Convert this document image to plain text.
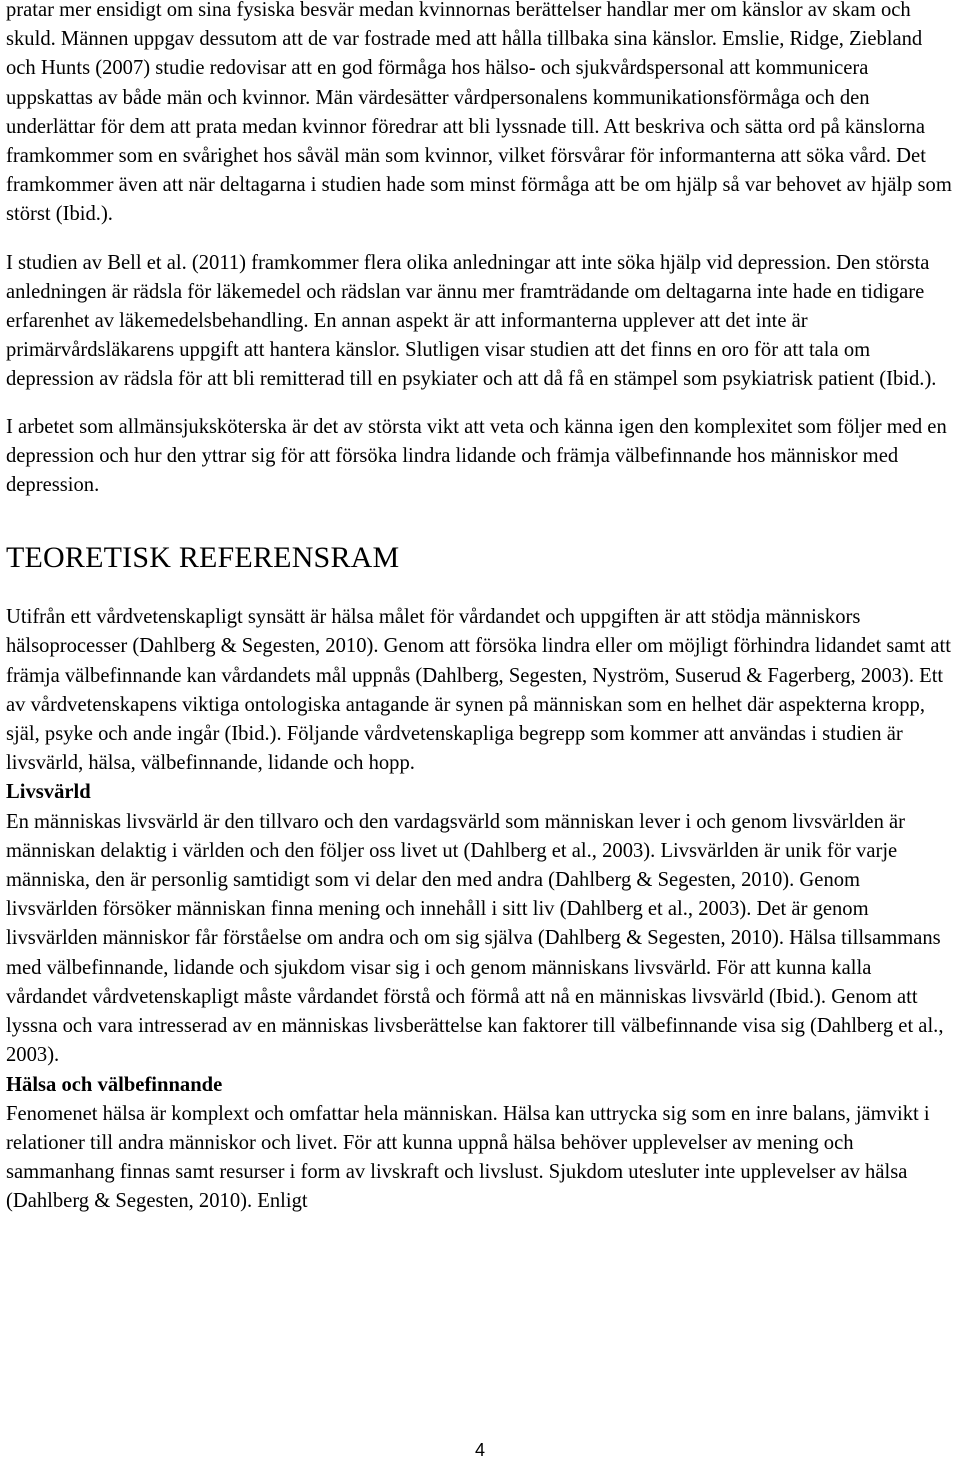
pratar mer ensidigt om sina fysiska besvär medan kvinnornas berättelser handlar mer om känslor av skam och skuld. Männen uppgav dessutom att de var fostrade med att hålla tillbaka sina känslor. Emslie, Ridge, Ziebland och Hunts (2007) studie redovisar att en god förmåga hos hälso- och sjukvårdspersonal att kommunicera uppskattas av både män och kvinnor. Män värdesätter vårdpersonalens kommunikationsförmåga och den underlättar för dem att prata medan kvinnor föredrar att bli lyssnade till. Att beskriva och sätta ord på känslorna framkommer som en svårighet hos såväl män som kvinnor, vilket försvårar för informanterna att söka vård. Det framkommer även att när deltagarna i studien hade som minst förmåga att be om hjälp så var behovet av hjälp som störst (Ibid.).

I studien av Bell et al. (2011) framkommer flera olika anledningar att inte söka hjälp vid depression. Den största anledningen är rädsla för läkemedel och rädslan var ännu mer framträdande om deltagarna inte hade en tidigare erfarenhet av läkemedelsbehandling. En annan aspekt är att informanterna upplever att det inte är primärvårdsläkarens uppgift att hantera känslor. Slutligen visar studien att det finns en oro för att tala om depression av rädsla för att bli remitterad till en psykiater och att då få en stämpel som psykiatrisk patient (Ibid.).

I arbetet som allmänsjuksköterska är det av största vikt att veta och känna igen den komplexitet som följer med en depression och hur den yttrar sig för att försöka lindra lidande och främja välbefinnande hos människor med depression.

TEORETISK REFERENSRAM

Utifrån ett vårdvetenskapligt synsätt är hälsa målet för vårdandet och uppgiften är att stödja människors hälsoprocesser (Dahlberg & Segesten, 2010). Genom att försöka lindra eller om möjligt förhindra lidandet samt att främja välbefinnande kan vårdandets mål uppnås (Dahlberg, Segesten, Nyström, Suserud & Fagerberg, 2003). Ett av vårdvetenskapens viktiga ontologiska antagande är synen på människan som en helhet där aspekterna kropp, själ, psyke och ande ingår (Ibid.). Följande vårdvetenskapliga begrepp som kommer att användas i studien är livsvärld, hälsa, välbefinnande, lidande och hopp.

Livsvärld

En människas livsvärld är den tillvaro och den vardagsvärld som människan lever i och genom livsvärlden är människan delaktig i världen och den följer oss livet ut (Dahlberg et al., 2003). Livsvärlden är unik för varje människa, den är personlig samtidigt som vi delar den med andra (Dahlberg & Segesten, 2010). Genom livsvärlden försöker människan finna mening och innehåll i sitt liv (Dahlberg et al., 2003). Det är genom livsvärlden människor får förståelse om andra och om sig själva (Dahlberg & Segesten, 2010). Hälsa tillsammans med välbefinnande, lidande och sjukdom visar sig i och genom människans livsvärld. För att kunna kalla vårdandet vårdvetenskapligt måste vårdandet förstå och förmå att nå en människas livsvärld (Ibid.). Genom att lyssna och vara intresserad av en människas livsberättelse kan faktorer till välbefinnande visa sig (Dahlberg et al., 2003).

Hälsa och välbefinnande

Fenomenet hälsa är komplext och omfattar hela människan. Hälsa kan uttrycka sig som en inre balans, jämvikt i relationer till andra människor och livet. För att kunna uppnå hälsa behöver upplevelser av mening och sammanhang finnas samt resurser i form av livskraft och livslust. Sjukdom utesluter inte upplevelser av hälsa (Dahlberg & Segesten, 2010). Enligt

4
